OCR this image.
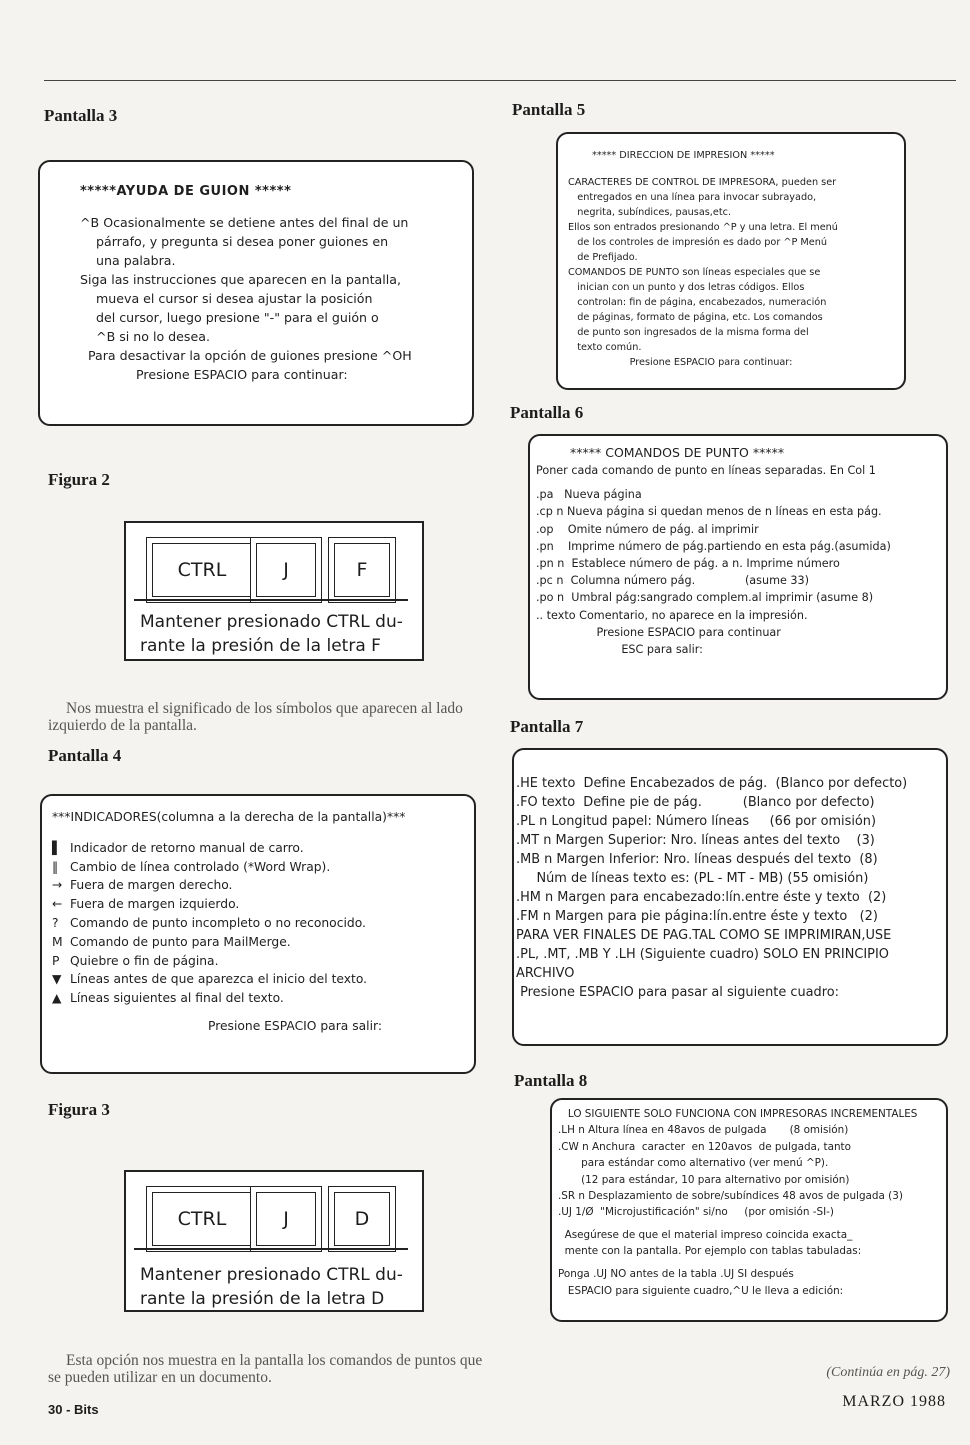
Pantalla 3	Pantalla 5
Pantalla 6
Figura 2
Pantalla 4
Pantalla 7
Pantalla 8
Figura 3

*****AYUDA DE GUION *****

^B Ocasionalmente se detiene antes del final de un

párrafo, y pregunta si desea poner guiones en

una palabra.

Siga las instrucciones que aparecen en la pantalla,

mueva el cursor si desea ajustar la posición

del cursor, luego presione "-" para el guión o

^B si no lo desea.

Para desactivar la opción de guiones presione ^OH

Presione ESPACIO para continuar:

***** DIRECCION DE IMPRESION *****

CARACTERES DE CONTROL DE IMPRESORA, pueden ser

entregados en una línea para invocar subrayado,

negrita, subíndices, pausas,etc.

Ellos son entrados presionando ^P y una letra. El menú

de los controles de impresión es dado por ^P Menú

de Prefijado.

COMANDOS DE PUNTO son líneas especiales que se

inician con un punto y dos letras códigos. Ellos

controlan: fin de página, encabezados, numeración

de páginas, formato de página, etc. Los comandos

de punto son ingresados de la misma forma del

texto común.

Presione ESPACIO para continuar:

***** COMANDOS DE PUNTO *****

Poner cada comando de punto en líneas separadas. En Col 1

.pa   Nueva página

.cp n Nueva página si quedan menos de n líneas en esta pág.

.op    Omite número de pág. al imprimir

.pn    Imprime número de pág.partiendo en esta pág.(asumida)

.pn n  Establece número de pág. a n. Imprime número

.pc n  Columna número pág.              (asume 33)

.po n  Umbral pág:sangrado complem.al imprimir (asume 8)

.. texto Comentario, no aparece en la impresión.

Presione ESPACIO para continuar

ESC para salir:

CTRL	J	F
Mantener presionado CTRL du-
rante la presión de la letra F

Nos muestra el significado de los símbolos que aparecen al lado izquierdo de la pantalla.

***INDICADORES(columna a la derecha de la pantalla)***

▌ Indicador de retorno manual de carro.

‖ Cambio de línea controlado (*Word Wrap).

→ Fuera de margen derecho.

← Fuera de margen izquierdo.

? Comando de punto incompleto o no reconocido.

M Comando de punto para MailMerge.

P Quiebre o fin de página.

▼ Líneas antes de que aparezca el inicio del texto.

▲ Líneas siguientes al final del texto.

Presione ESPACIO para salir:

.HE texto  Define Encabezados de pág.  (Blanco por defecto)

.FO texto  Define pie de pág.          (Blanco por defecto)

.PL n Longitud papel: Número líneas     (66 por omisión)

.MT n Margen Superior: Nro. líneas antes del texto    (3)

.MB n Margen Inferior: Nro. líneas después del texto  (8)

Núm de líneas texto es: (PL - MT - MB) (55 omisión)

.HM n Margen para encabezado:lín.entre éste y texto  (2)

.FM n Margen para pie página:lín.entre éste y texto   (2)

PARA VER FINALES DE PAG.TAL COMO SE IMPRIMIRAN,USE

.PL, .MT, .MB Y .LH (Siguiente cuadro) SOLO EN PRINCIPIO

ARCHIVO

Presione ESPACIO para pasar al siguiente cuadro:

CTRL	J	D
Mantener presionado CTRL du-
rante la presión de la letra D

LO SIGUIENTE SOLO FUNCIONA CON IMPRESORAS INCREMENTALES

.LH n Altura línea en 48avos de pulgada       (8 omisión)

.CW n Anchura  caracter  en 120avos  de pulgada, tanto

para estándar como alternativo (ver menú ^P).

(12 para estándar, 10 para alternativo por omisión)

.SR n Desplazamiento de sobre/subíndices 48 avos de pulgada (3)

.UJ 1/Ø  "Microjustificación" si/no     (por omisión -SI-)

Asegúrese de que el material impreso coincida exacta_

mente con la pantalla. Por ejemplo con tablas tabuladas:

Ponga .UJ NO antes de la tabla .UJ SI después

ESPACIO para siguiente cuadro,^U le lleva a edición:

Esta opción nos muestra en la pantalla los comandos de puntos que se pueden utilizar en un documento.	(Continúa en pág. 27)
30 - Bits	MARZO 1988
